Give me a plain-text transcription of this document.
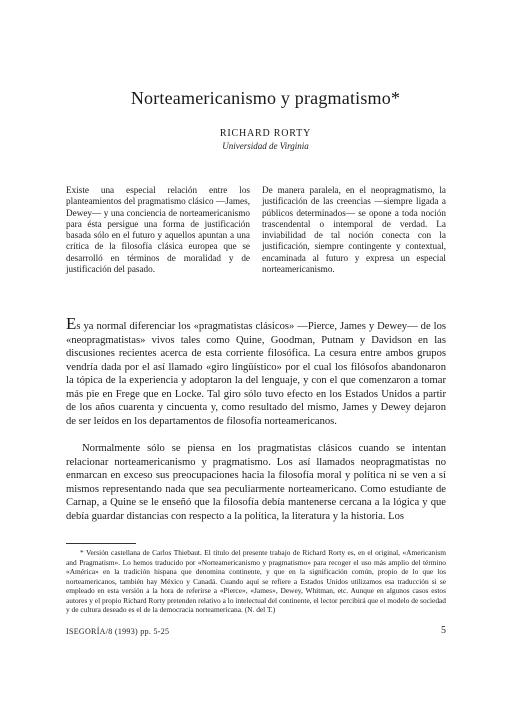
Norteamericanismo y pragmatismo*
RICHARD RORTY
Universidad de Virginia

Existe una especial relación entre los planteamientos del pragmatismo clásico —James, Dewey— y una conciencia de norteamericanismo para ésta persigue una forma de justificación basada sólo en el futuro y aquellos apuntan a una crítica de la filosofía clásica europea que se desarrolló en términos de moralidad y de justificación del pasado.

De manera paralela, en el neopragmatismo, la justificación de las creencias —siempre ligada a públicos determinados— se opone a toda noción trascendental o intemporal de verdad. La inviabilidad de tal noción conecta con la justificación, siempre contingente y contextual, encaminada al futuro y expresa un especial norteamericanismo.

Es ya normal diferenciar los «pragmatistas clásicos» —Pierce, James y Dewey— de los «neopragmatistas» vivos tales como Quine, Goodman, Putnam y Davidson en las discusiones recientes acerca de esta corriente filosófica. La cesura entre ambos grupos vendría dada por el así llamado «giro lingüístico» por el cual los filósofos abandonaron la tópica de la experiencia y adoptaron la del lenguaje, y con el que comenzaron a tomar más pie en Frege que en Locke. Tal giro sólo tuvo efecto en los Estados Unidos a partir de los años cuarenta y cincuenta y, como resultado del mismo, James y Dewey dejaron de ser leídos en los departamentos de filosofía norteamericanos.

Normalmente sólo se piensa en los pragmatistas clásicos cuando se intentan relacionar norteamericanismo y pragmatismo. Los así llamados neopragmatistas no enmarcan en exceso sus preocupaciones hacia la filosofía moral y política ni se ven a sí mismos representando nada que sea peculiarmente norteamericano. Como estudiante de Carnap, a Quine se le enseñó que la filosofía debía mantenerse cercana a la lógica y que debía guardar distancias con respecto a la política, la literatura y la historia. Los

* Versión castellana de Carlos Thiebaut. El título del presente trabajo de Richard Rorty es, en el original, «Americanism and Pragmatism». Lo hemos traducido por «Norteamericanismo y pragmatismo» para recoger el uso más amplio del término «América» en la tradición hispana que denomina continente, y que en la significación común, propio de lo que los norteamericanos, también hay México y Canadá. Cuando aquí se refiere a Estados Unidos utilizamos esa traducción si se empleado en esta versión a la hora de referirse a «Pierce», «James», Dewey, Whitman, etc. Aunque en algunos casos estos autores y el propio Richard Rorty pretenden relativo a lo intelectual del continente, el lector percibirá que el modelo de sociedad y de cultura deseado es el de la democracia norteamericana. (N. del T.)

ISEGORÍA/8 (1993) pp. 5-25	5
